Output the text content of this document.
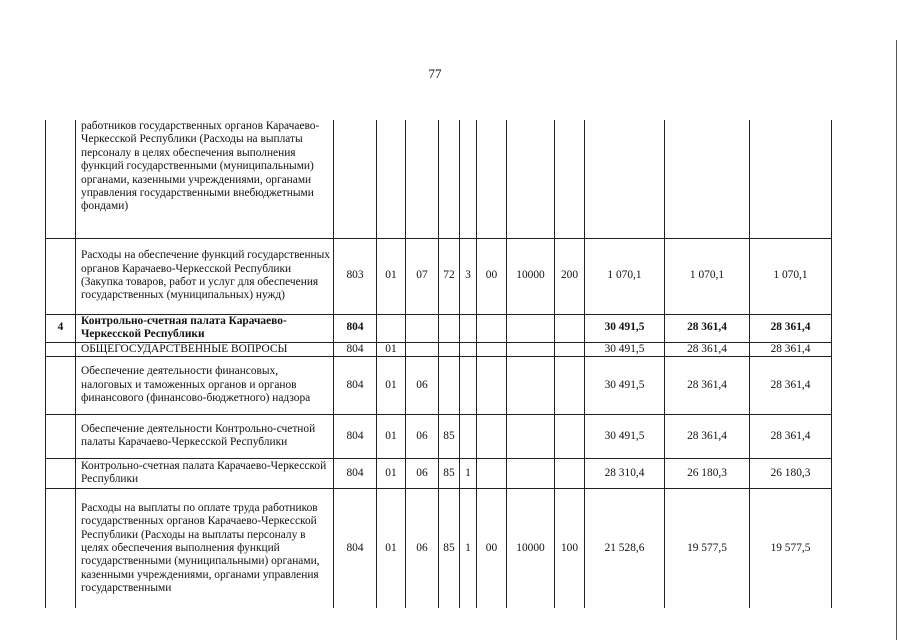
77
	работников государственных органов Карачаево-Черкесской Республики (Расходы на выплаты персоналу в целях обеспечения выполнения функций государственными (муниципальными) органами, казенными учреждениями, органами управления государственными внебюджетными фондами)											
	Расходы на обеспечение функций государственных органов Карачаево-Черкесской Республики (Закупка товаров, работ и услуг для обеспечения государственных (муниципальных) нужд)	803	01	07	72	3	00	10000	200	1 070,1	1 070,1	1 070,1
4	Контрольно-счетная палата Карачаево-Черкесской Республики	804								30 491,5	28 361,4	28 361,4
	ОБЩЕГОСУДАРСТВЕННЫЕ ВОПРОСЫ	804	01							30 491,5	28 361,4	28 361,4
	Обеспечение деятельности финансовых, налоговых и таможенных органов и органов финансового (финансово-бюджетного) надзора	804	01	06						30 491,5	28 361,4	28 361,4
	Обеспечение деятельности Контрольно-счетной палаты Карачаево-Черкесской Республики	804	01	06	85					30 491,5	28 361,4	28 361,4
	Контрольно-счетная палата Карачаево-Черкесской Республики	804	01	06	85	1				28 310,4	26 180,3	26 180,3
	Расходы на выплаты по оплате труда работников государственных органов Карачаево-Черкесской Республики (Расходы на выплаты персоналу в целях обеспечения выполнения функций государственными (муниципальными) органами, казенными учреждениями, органами управления государственными	804	01	06	85	1	00	10000	100	21 528,6	19 577,5	19 577,5
